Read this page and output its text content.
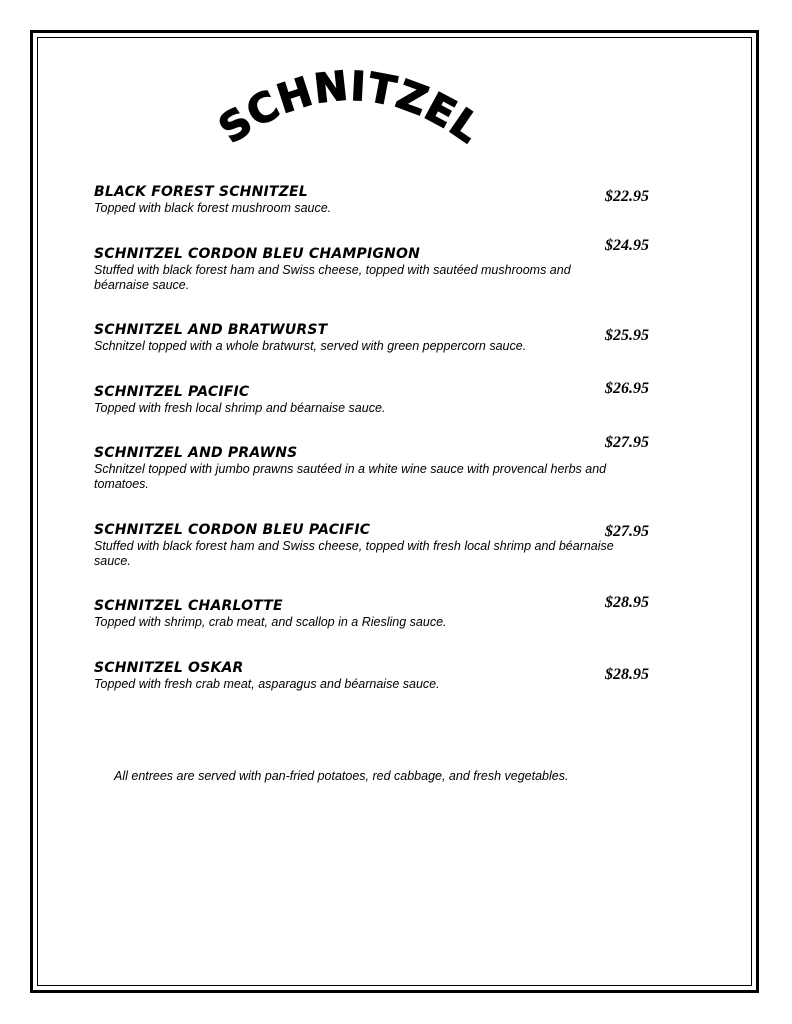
SCHNITZEL
BLACK FOREST SCHNITZEL
Topped with black forest mushroom sauce.
$22.95
SCHNITZEL CORDON BLEU CHAMPIGNON
Stuffed with black forest ham and Swiss cheese, topped with sautéed mushrooms and béarnaise sauce.
$24.95
SCHNITZEL AND BRATWURST
Schnitzel topped with a whole bratwurst, served with green peppercorn sauce.
$25.95
SCHNITZEL PACIFIC
Topped with fresh local shrimp and béarnaise sauce.
$26.95
SCHNITZEL AND PRAWNS
Schnitzel topped with jumbo prawns sautéed in a white wine sauce with provencal herbs and tomatoes.
$27.95
SCHNITZEL CORDON BLEU PACIFIC
Stuffed with black forest ham and Swiss cheese, topped with fresh local shrimp and béarnaise sauce.
$27.95
SCHNITZEL CHARLOTTE
Topped with shrimp, crab meat, and scallop in a Riesling sauce.
$28.95
SCHNITZEL OSKAR
Topped with fresh crab meat, asparagus and béarnaise sauce.
$28.95
All entrees are served with pan-fried potatoes, red cabbage, and fresh vegetables.
